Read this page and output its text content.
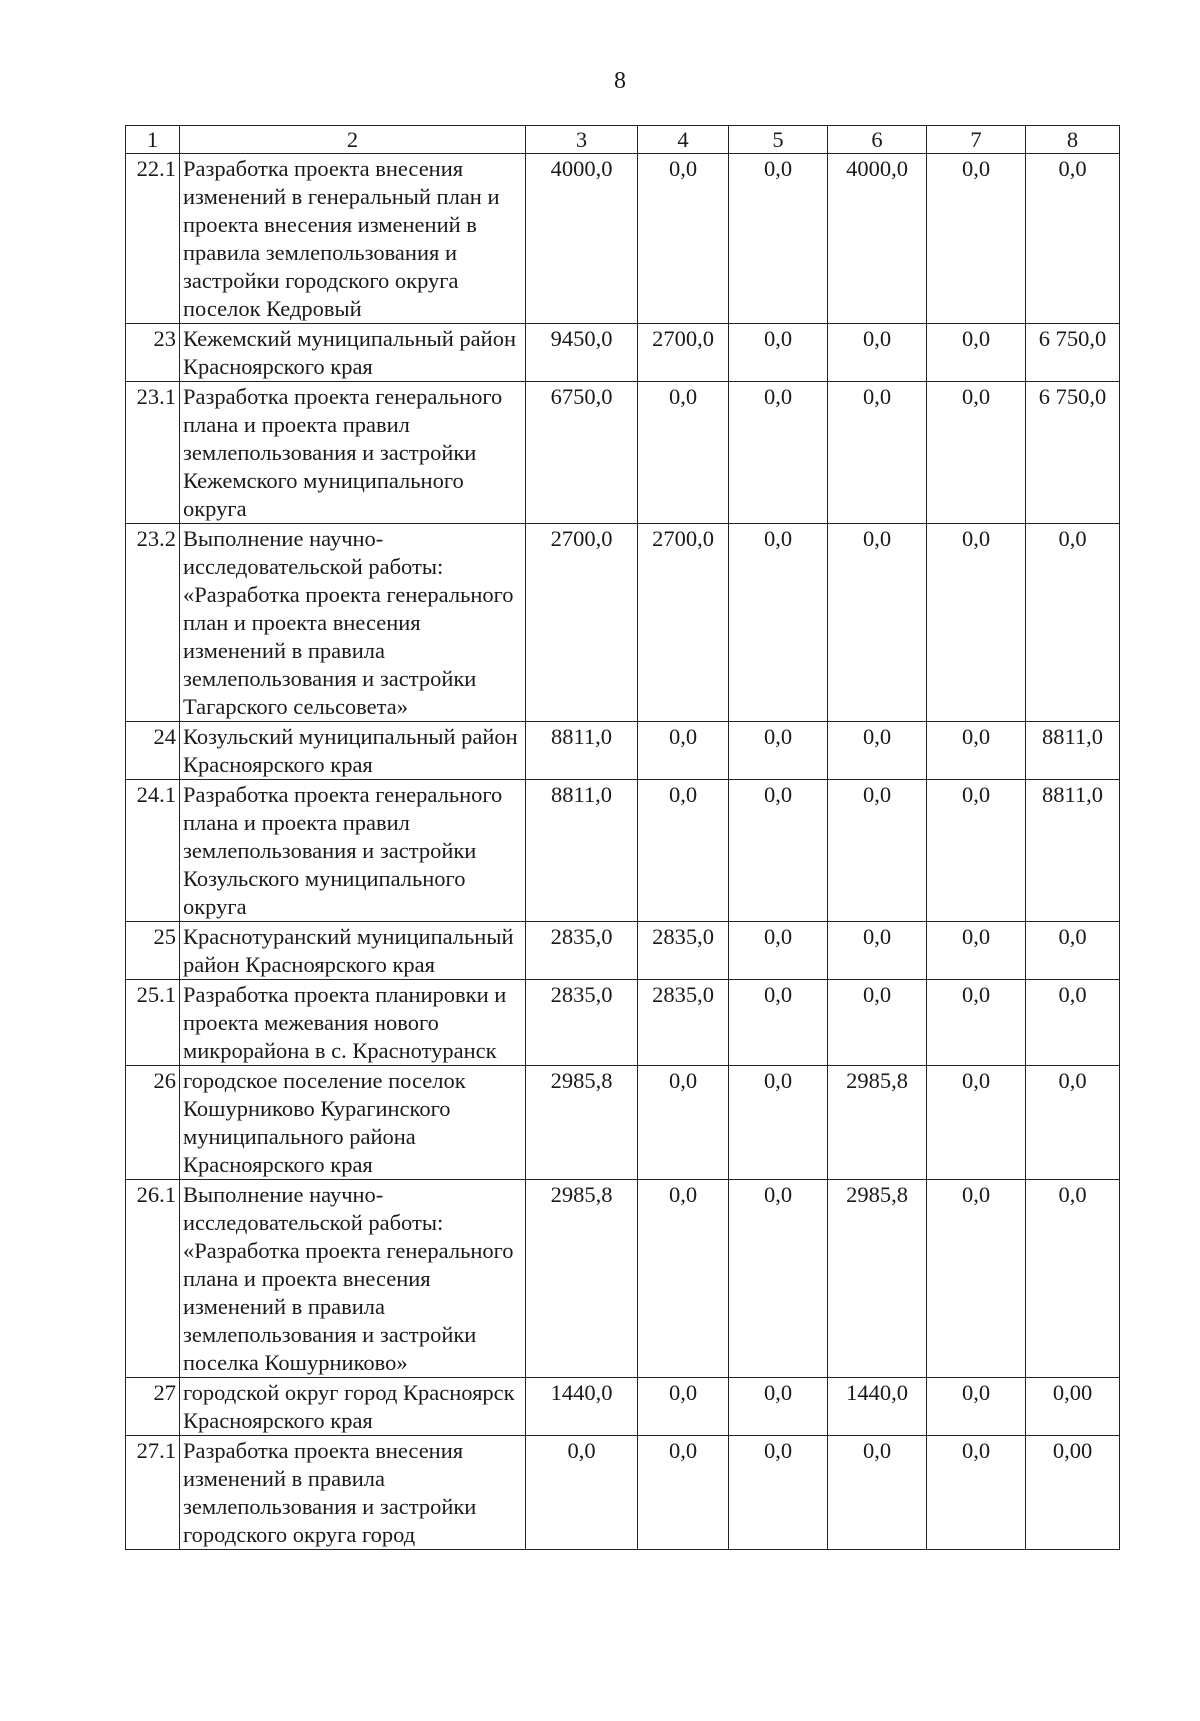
8
1	2	3	4	5	6	7	8
22.1	Разработка проекта внесения изменений в генеральный план и проекта внесения изменений в правила землепользования и застройки городского округа поселок Кедровый	4000,0	0,0	0,0	4000,0	0,0	0,0
23	Кежемский муниципальный район Красноярского края	9450,0	2700,0	0,0	0,0	0,0	6 750,0
23.1	Разработка проекта генерального плана и проекта правил землепользования и застройки Кежемского муниципального округа	6750,0	0,0	0,0	0,0	0,0	6 750,0
23.2	Выполнение научно-исследовательской работы: «Разработка проекта генерального план и проекта внесения изменений в правила землепользования и застройки Тагарского сельсовета»	2700,0	2700,0	0,0	0,0	0,0	0,0
24	Козульский муниципальный район Красноярского края	8811,0	0,0	0,0	0,0	0,0	8811,0
24.1	Разработка проекта генерального плана и проекта правил землепользования и застройки Козульского муниципального округа	8811,0	0,0	0,0	0,0	0,0	8811,0
25	Краснотуранский муниципальный район Красноярского края	2835,0	2835,0	0,0	0,0	0,0	0,0
25.1	Разработка проекта планировки и проекта межевания нового микрорайона в с. Краснотуранск	2835,0	2835,0	0,0	0,0	0,0	0,0
26	городское поселение поселок Кошурниково Курагинского муниципального района Красноярского края	2985,8	0,0	0,0	2985,8	0,0	0,0
26.1	Выполнение научно-исследовательской работы: «Разработка проекта генерального плана и проекта внесения изменений в правила землепользования и застройки поселка Кошурниково»	2985,8	0,0	0,0	2985,8	0,0	0,0
27	городской округ город Красноярск Красноярского края	1440,0	0,0	0,0	1440,0	0,0	0,00
27.1	Разработка проекта внесения изменений в правила землепользования и застройки городского округа город	0,0	0,0	0,0	0,0	0,0	0,00
